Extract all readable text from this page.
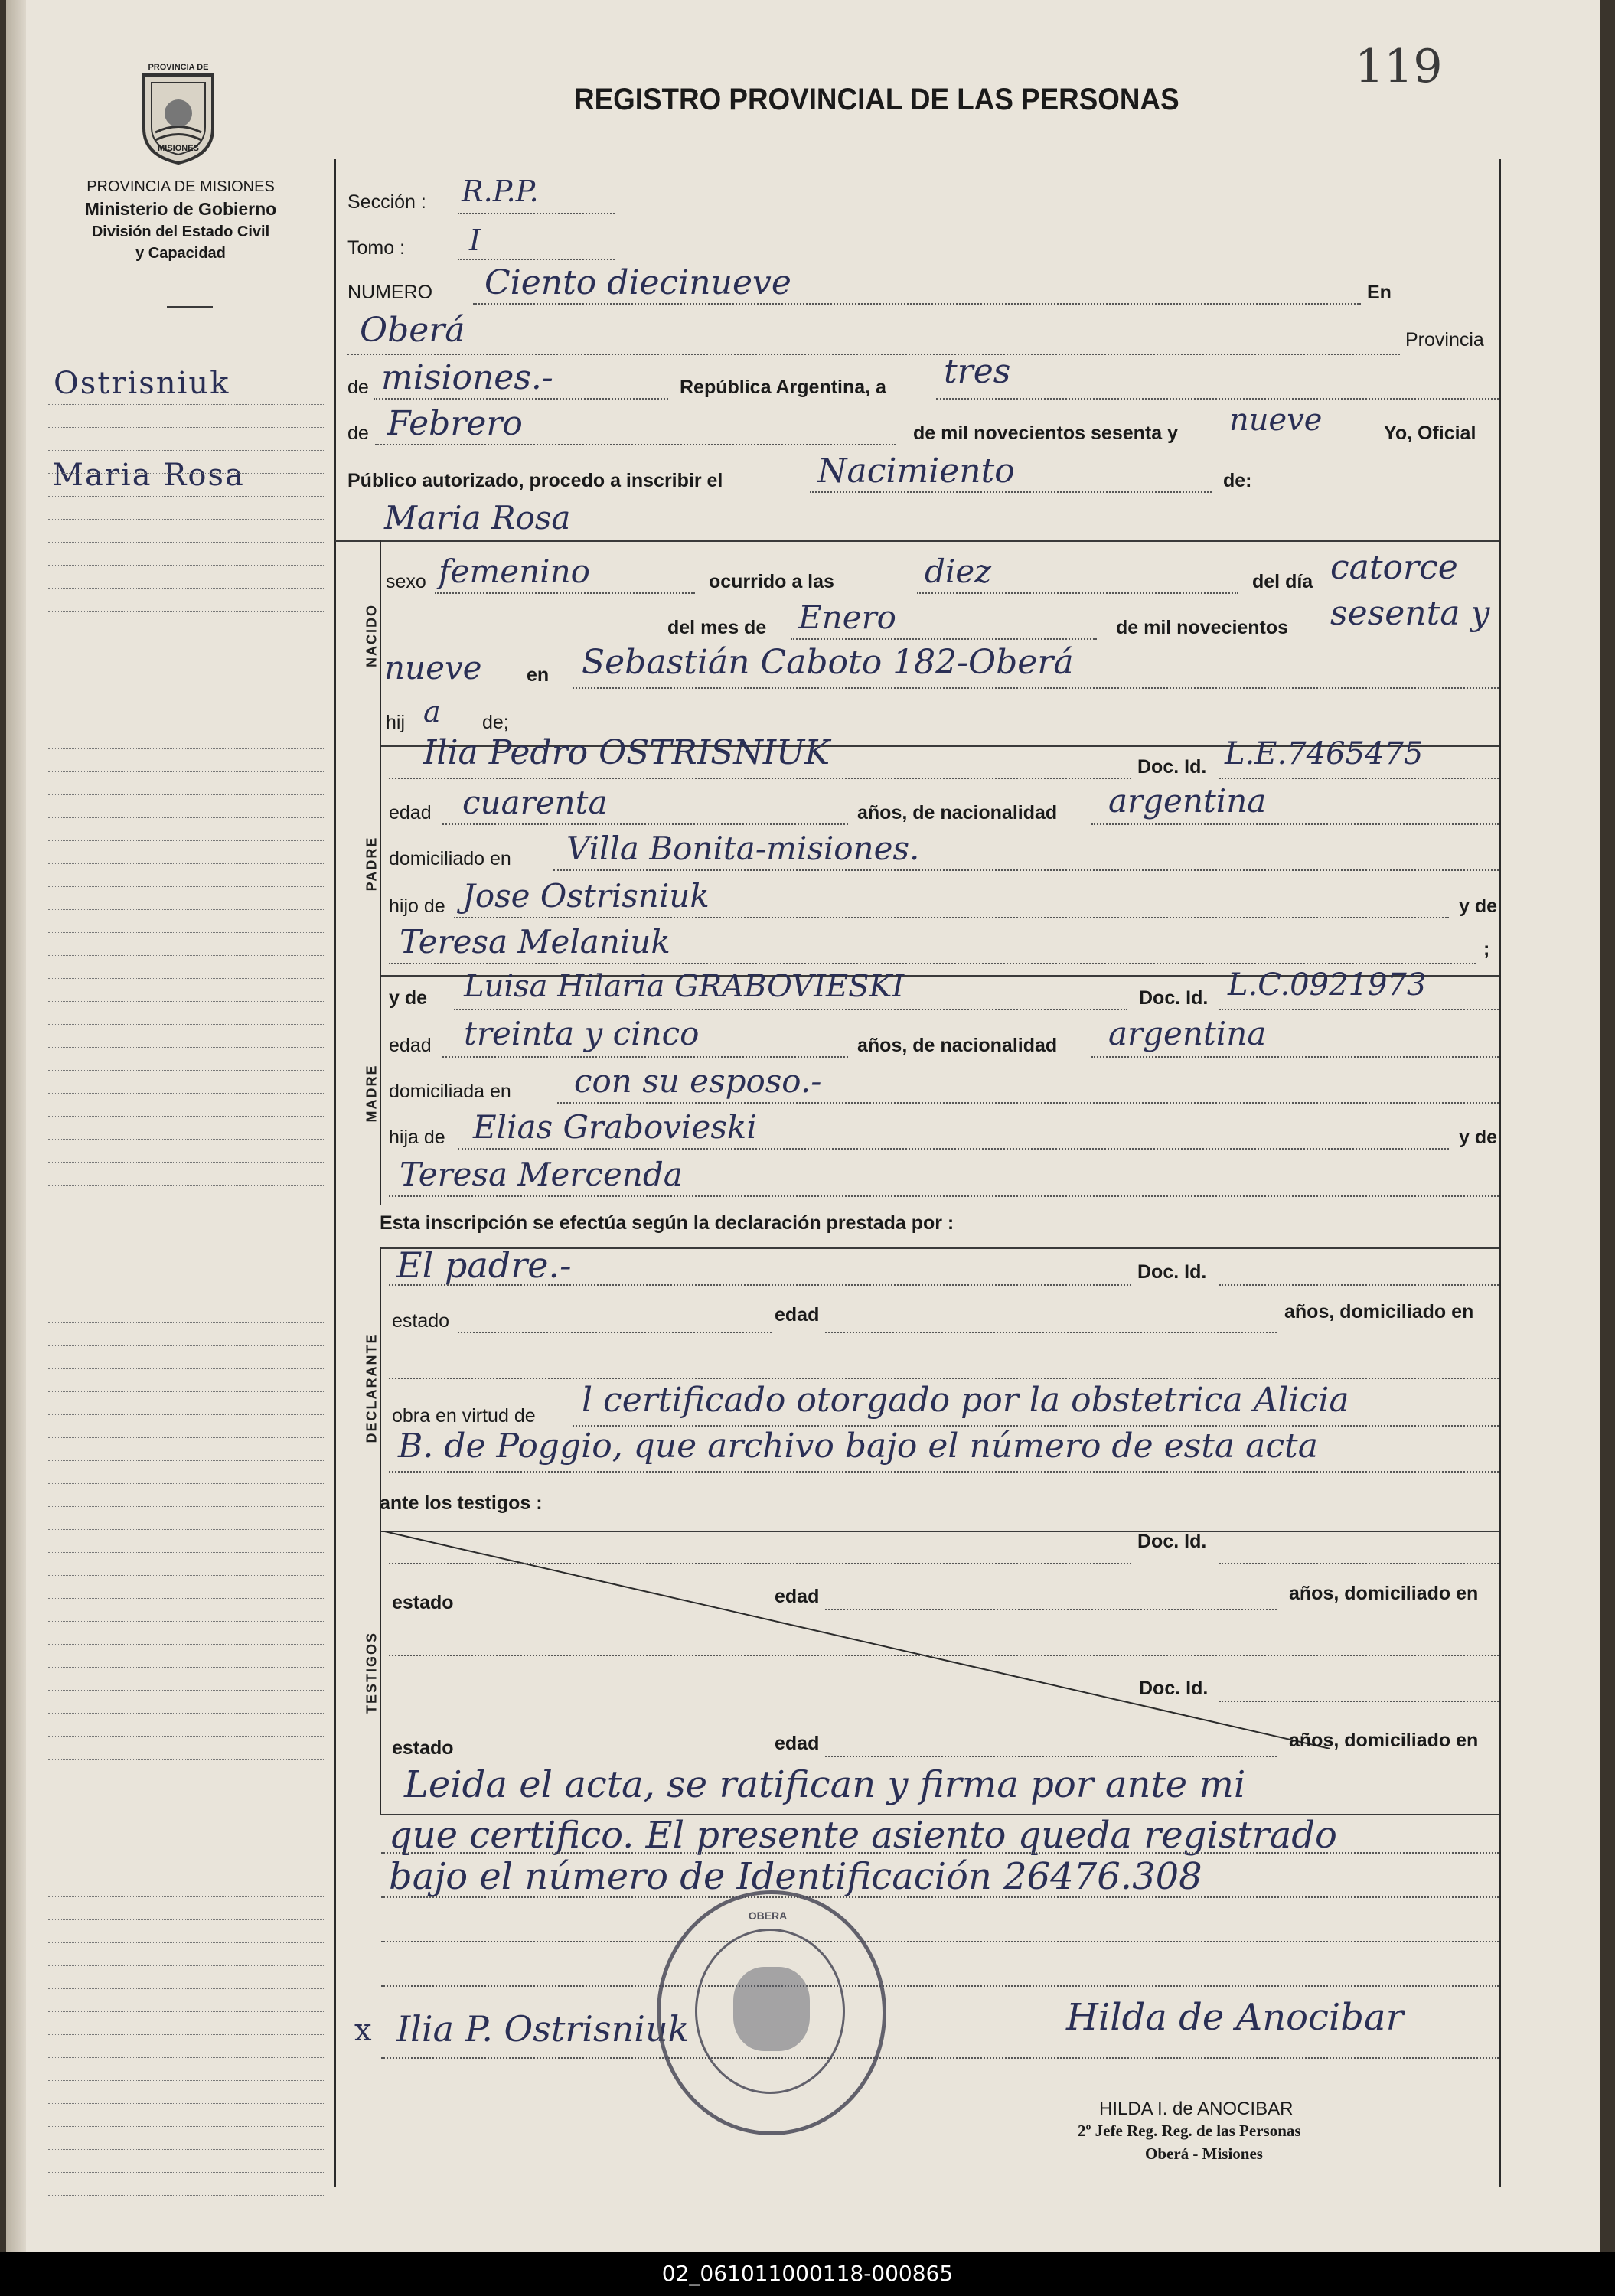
119
REGISTRO PROVINCIAL DE LAS PERSONAS
PROVINCIA DE
MISIONES
PROVINCIA DE MISIONES
Ministerio de Gobierno
División del Estado Civil
y Capacidad
Ostrisniuk
Maria Rosa
Sección : R.P.P.
Tomo : I
NUMERO Ciento diecinueve	En
Oberá	Provincia
de misiones.-	República Argentina, a tres
de Febrero	de mil novecientos sesenta y nueve	Yo, Oficial
Público autorizado, procedo a inscribir el	Nacimiento	de:
Maria Rosa
NACIDO
sexo femenino	ocurrido a las	diez	del día catorce
del mes de Enero	de mil novecientos sesenta y
nueve en Sebastián Caboto 182-Oberá
hij a de;
PADRE
Ilia Pedro OSTRISNIUK	Doc. Id. L.E.7465475
edad cuarenta	años, de nacionalidad argentina
domiciliado en Villa Bonita-misiones.
hijo de Jose Ostrisniuk	y de
Teresa Melaniuk	;
MADRE
y de Luisa Hilaria GRABOVIESKI	Doc. Id. L.C.0921973
edad treinta y cinco	años, de nacionalidad argentina
domiciliada en con su esposo.-
hija de Elias Grabovieski	y de
Teresa Mercenda
Esta inscripción se efectúa según la declaración prestada por :
DECLARANTE
El padre.-	Doc. Id.
estado	edad	años, domiciliado en
obra en virtud de l certificado otorgado por la obstetrica Alicia
B. de Poggio, que archivo bajo el número de esta acta
ante los testigos :
TESTIGOS
Doc. Id.
estado	edad	años, domiciliado en
Doc. Id.
estado	edad	años, domiciliado en
Leida el acta, se ratifican y firma por ante mi
que certifico. El presente asiento queda registrado
bajo el número de Identificación 26476.308
x Ilia P. Ostrisniuk	Hilda de Anocibar
OBERA
HILDA I. de ANOCIBAR
2º Jefe Reg. Reg. de las Personas
Oberá - Misiones
02_061011000118-000865
